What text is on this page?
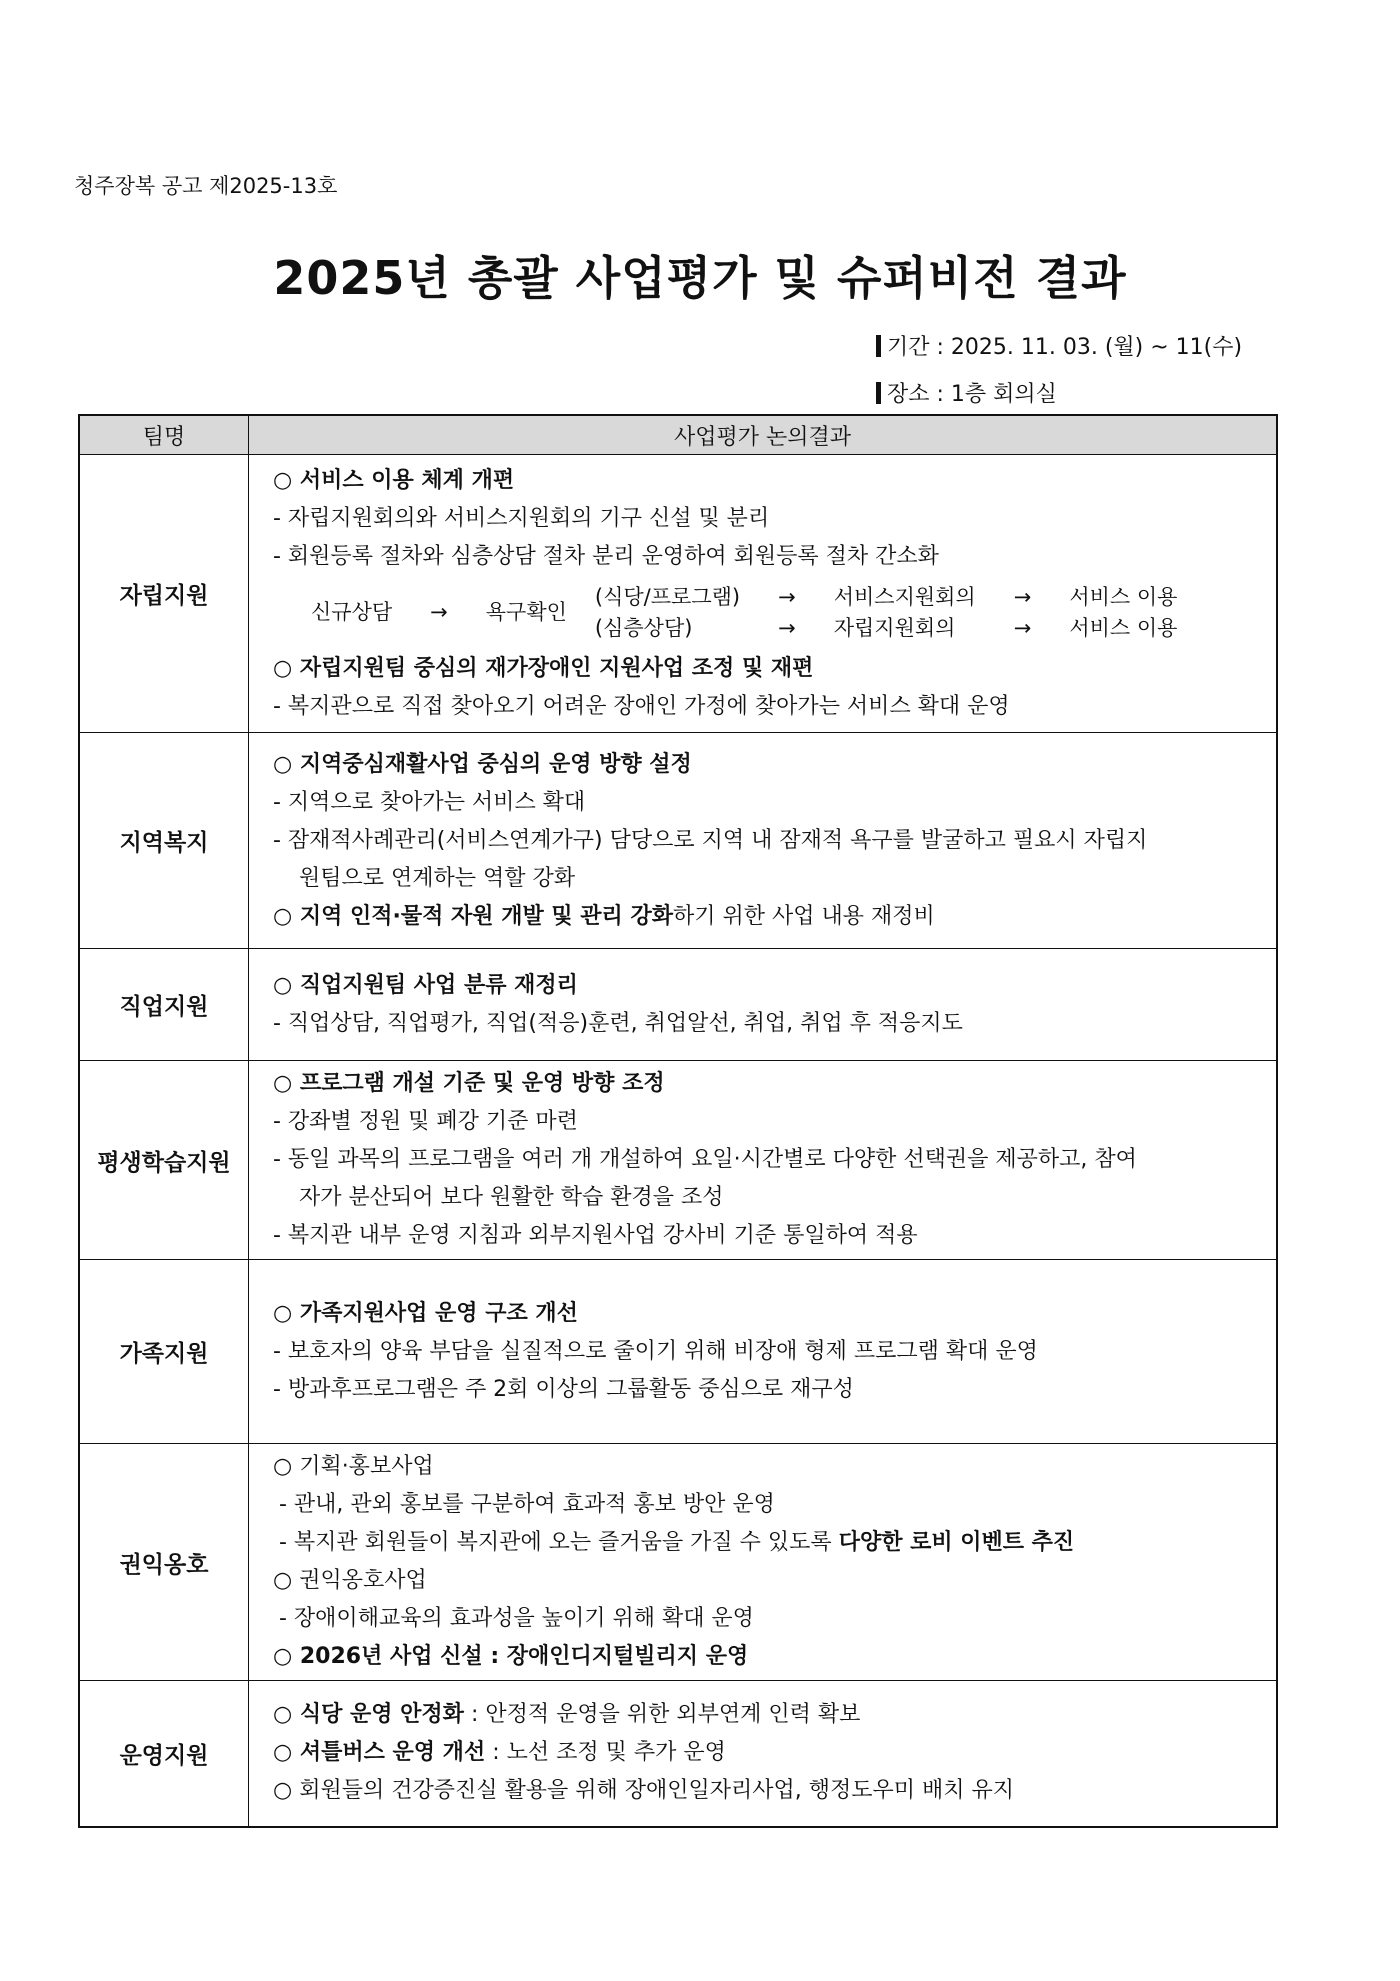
청주장복 공고 제2025-13호
2025년 총괄 사업평가 및 슈퍼비전 결과
기간 : 2025. 11. 03. (월) ~ 11(수)
장소 : 1층 회의실
팀명	사업평가 논의결과
자립지원	
○ 서비스 이용 체계 개편
- 자립지원회의와 서비스지원회의 기구 신설 및 분리
- 회원등록 절차와 심층상담 절차 분리 운영하여 회원등록 절차 간소화
신규상담	→	욕구확인	(식당/프로그램)	→	서비스지원회의	→	서비스 이용
(심층상담)	→	자립지원회의	→	서비스 이용
○ 자립지원팀 중심의 재가장애인 지원사업 조정 및 재편
- 복지관으로 직접 찾아오기 어려운 장애인 가정에 찾아가는 서비스 확대 운영

지역복지	
○ 지역중심재활사업 중심의 운영 방향 설정
- 지역으로 찾아가는 서비스 확대
- 잠재적사례관리(서비스연계가구) 담당으로 지역 내 잠재적 욕구를 발굴하고 필요시 자립지
원팀으로 연계하는 역할 강화
○ 지역 인적·물적 자원 개발 및 관리 강화하기 위한 사업 내용 재정비

직업지원	
○ 직업지원팀 사업 분류 재정리
- 직업상담, 직업평가, 직업(적응)훈련, 취업알선, 취업, 취업 후 적응지도

평생학습지원	
○ 프로그램 개설 기준 및 운영 방향 조정
- 강좌별 정원 및 폐강 기준 마련
- 동일 과목의 프로그램을 여러 개 개설하여 요일·시간별로 다양한 선택권을 제공하고, 참여
자가 분산되어 보다 원활한 학습 환경을 조성
- 복지관 내부 운영 지침과 외부지원사업 강사비 기준 통일하여 적용

가족지원	
○ 가족지원사업 운영 구조 개선
- 보호자의 양육 부담을 실질적으로 줄이기 위해 비장애 형제 프로그램 확대 운영
- 방과후프로그램은 주 2회 이상의 그룹활동 중심으로 재구성

권익옹호	
○ 기획·홍보사업
- 관내, 관외 홍보를 구분하여 효과적 홍보 방안 운영
- 복지관 회원들이 복지관에 오는 즐거움을 가질 수 있도록 다양한 로비 이벤트 추진
○ 권익옹호사업
- 장애이해교육의 효과성을 높이기 위해 확대 운영
○ 2026년 사업 신설 : 장애인디지털빌리지 운영

운영지원	
○ 식당 운영 안정화 : 안정적 운영을 위한 외부연계 인력 확보
○ 셔틀버스 운영 개선 : 노선 조정 및 추가 운영
○ 회원들의 건강증진실 활용을 위해 장애인일자리사업, 행정도우미 배치 유지
